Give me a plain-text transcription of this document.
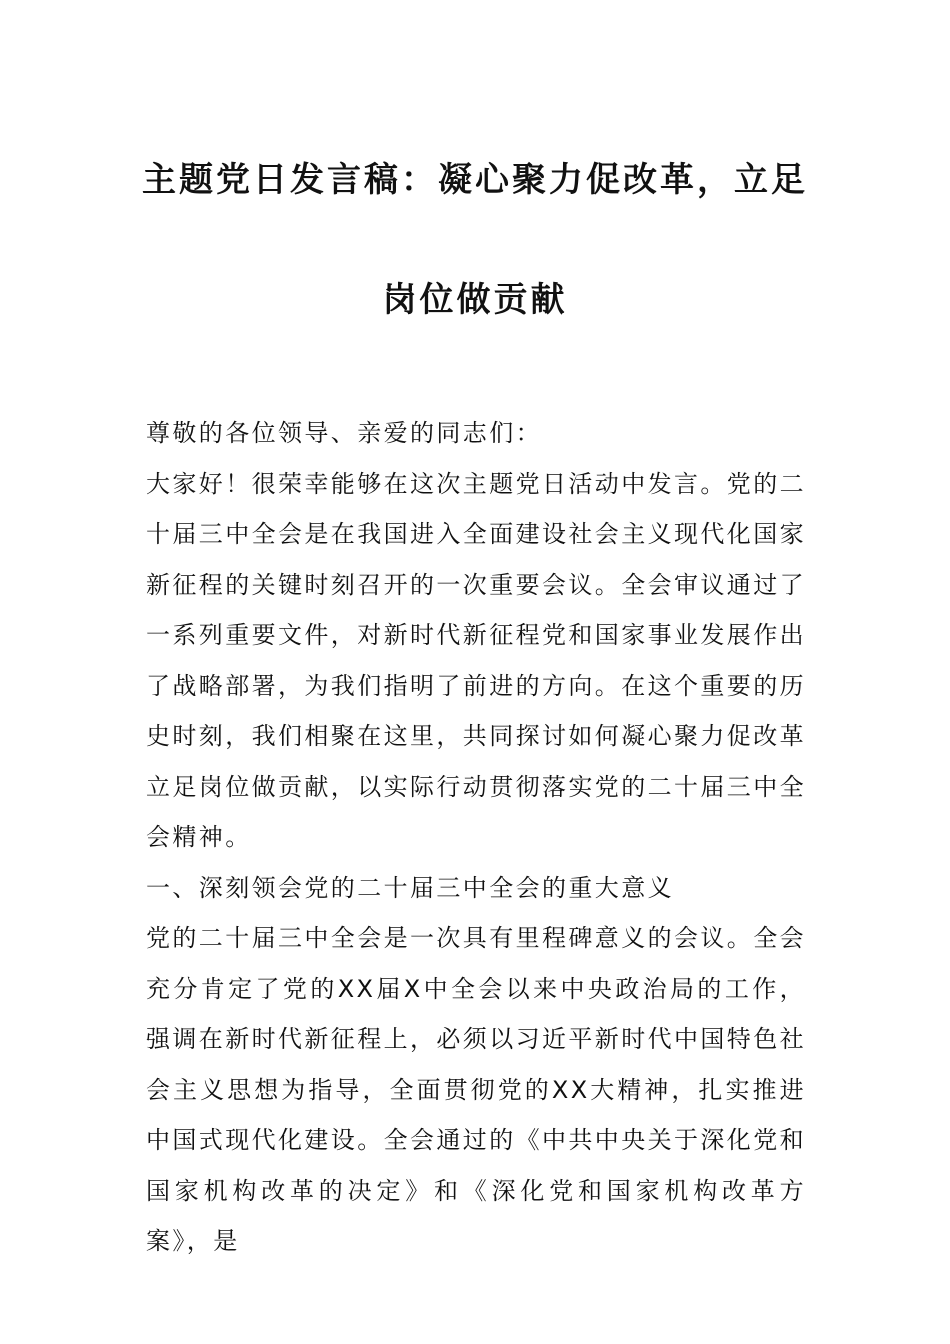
主题党日发言稿：凝心聚力促改革，立足
岗位做贡献

尊敬的各位领导、亲爱的同志们：

大家好！很荣幸能够在这次主题党日活动中发言。党的二十届三中全会是在我国进入全面建设社会主义现代化国家新征程的关键时刻召开的一次重要会议。全会审议通过了一系列重要文件，对新时代新征程党和国家事业发展作出了战略部署，为我们指明了前进的方向。在这个重要的历史时刻，我们相聚在这里，共同探讨如何凝心聚力促改革立足岗位做贡献，以实际行动贯彻落实党的二十届三中全会精神。

一、深刻领会党的二十届三中全会的重大意义

党的二十届三中全会是一次具有里程碑意义的会议。全会充分肯定了党的XX届X中全会以来中央政治局的工作，强调在新时代新征程上，必须以习近平新时代中国特色社会主义思想为指导，全面贯彻党的XX大精神，扎实推进中国式现代化建设。全会通过的《中共中央关于深化党和国家机构改革的决定》和《深化党和国家机构改革方案》，是
